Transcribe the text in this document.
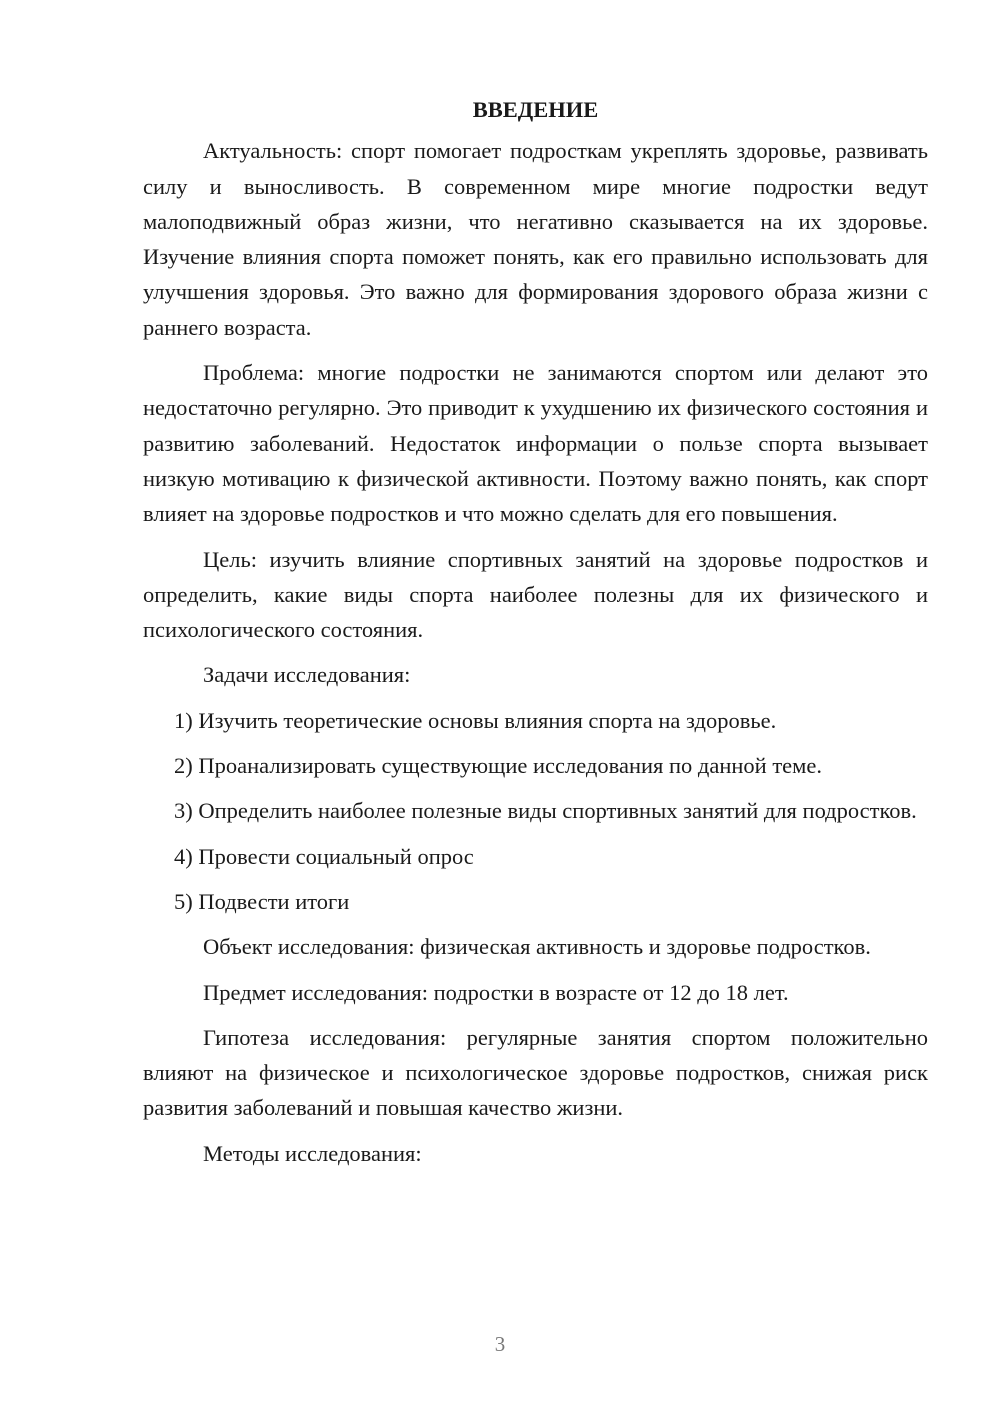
ВВЕДЕНИЕ

Актуальность: спорт помогает подросткам укреплять здоровье, развивать силу и выносливость. В современном мире многие подростки ведут малоподвижный образ жизни, что негативно сказывается на их здоровье. Изучение влияния спорта поможет понять, как его правильно использовать для улучшения здоровья. Это важно для формирования здорового образа жизни с раннего возраста.

Проблема: многие подростки не занимаются спортом или делают это недостаточно регулярно. Это приводит к ухудшению их физического состояния и развитию заболеваний. Недостаток информации о пользе спорта вызывает низкую мотивацию к физической активности. Поэтому важно понять, как спорт влияет на здоровье подростков и что можно сделать для его повышения.

Цель: изучить влияние спортивных занятий на здоровье подростков и определить, какие виды спорта наиболее полезны для их физического и психологического состояния.

Задачи исследования:

1) Изучить теоретические основы влияния спорта на здоровье.

2) Проанализировать существующие исследования по данной теме.

3) Определить наиболее полезные виды спортивных занятий для подростков.

4) Провести социальный опрос

5) Подвести итоги

Объект исследования: физическая активность и здоровье подростков.

Предмет исследования: подростки в возрасте от 12 до 18 лет.

Гипотеза исследования: регулярные занятия спортом положительно влияют на физическое и психологическое здоровье подростков, снижая риск развития заболеваний и повышая качество жизни.

Методы исследования:

3
